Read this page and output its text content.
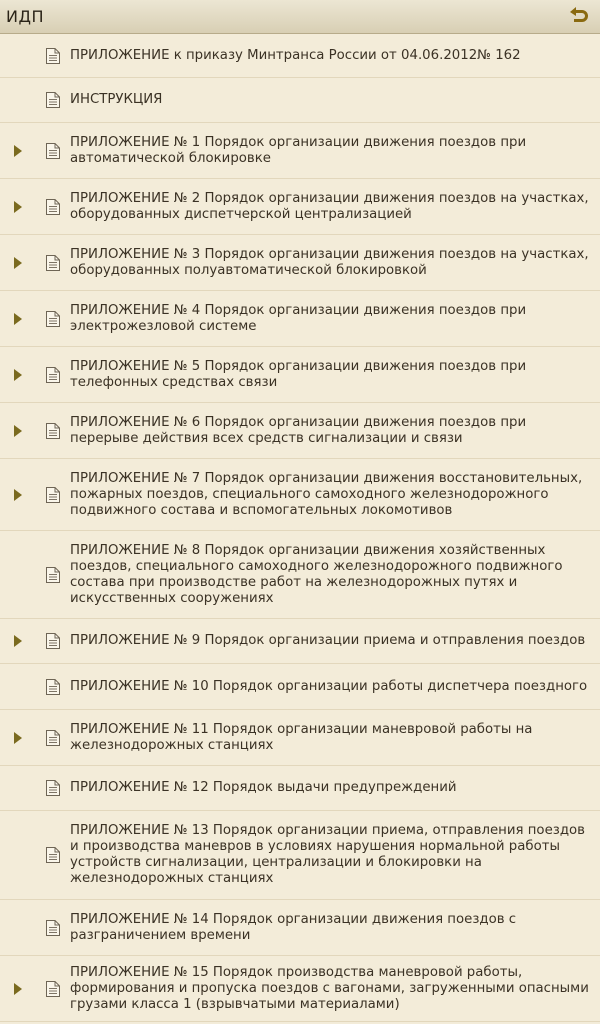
ИДП
ПРИЛОЖЕНИЕ к приказу Минтранса России от 04.06.2012№ 162
ИНСТРУКЦИЯ
ПРИЛОЖЕНИЕ № 1 Порядок организации движения поездов при автоматической блокировке
ПРИЛОЖЕНИЕ № 2 Порядок организации движения поездов на участках, оборудованных диспетчерской централизацией
ПРИЛОЖЕНИЕ № 3 Порядок организации движения поездов на участках, оборудованных полуавтоматической блокировкой
ПРИЛОЖЕНИЕ № 4 Порядок организации движения поездов при электрожезловой системе
ПРИЛОЖЕНИЕ № 5 Порядок организации движения поездов при телефонных средствах связи
ПРИЛОЖЕНИЕ № 6 Порядок организации движения поездов при перерыве действия всех средств сигнализации и связи
ПРИЛОЖЕНИЕ № 7 Порядок организации движения восстановительных, пожарных поездов, специального самоходного железнодорожного подвижного состава и вспомогательных локомотивов
ПРИЛОЖЕНИЕ № 8 Порядок организации движения хозяйственных поездов, специального самоходного железнодорожного подвижного состава при производстве работ на железнодорожных путях и искусственных сооружениях
ПРИЛОЖЕНИЕ № 9 Порядок организации приема и отправления поездов
ПРИЛОЖЕНИЕ № 10 Порядок организации работы диспетчера поездного
ПРИЛОЖЕНИЕ № 11 Порядок организации маневровой работы на железнодорожных станциях
ПРИЛОЖЕНИЕ № 12 Порядок выдачи предупреждений
ПРИЛОЖЕНИЕ № 13 Порядок организации приема, отправления поездов и производства маневров в условиях нарушения нормальной работы устройств сигнализации, централизации и блокировки на железнодорожных станциях
ПРИЛОЖЕНИЕ № 14 Порядок организации движения поездов с разграничением времени
ПРИЛОЖЕНИЕ № 15 Порядок производства маневровой работы, формирования и пропуска поездов с вагонами, загруженными опасными грузами класса 1 (взрывчатыми материалами)
